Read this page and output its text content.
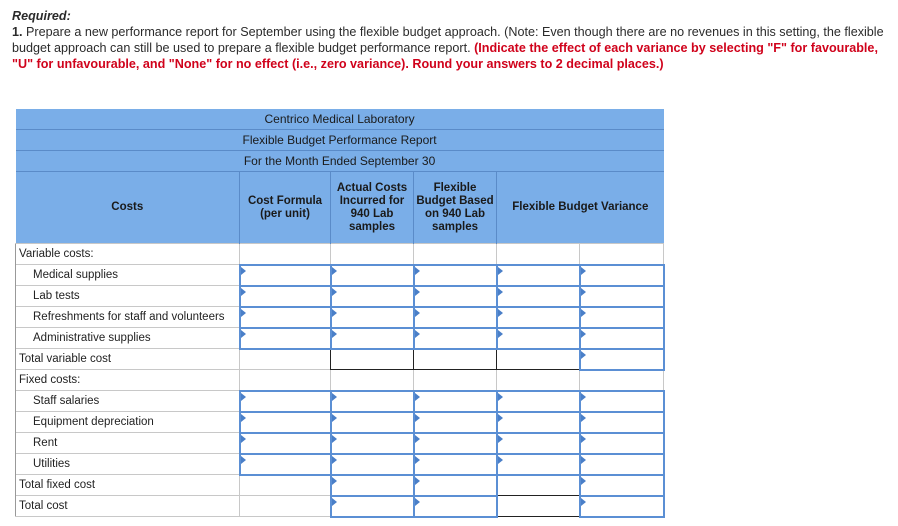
Required:
1. Prepare a new performance report for September using the flexible budget approach. (Note: Even though there are no revenues in this setting, the flexible budget approach can still be used to prepare a flexible budget performance report. (Indicate the effect of each variance by selecting "F" for favourable, "U" for unfavourable, and "None" for no effect (i.e., zero variance). Round your answers to 2 decimal places.)
Centrico Medical Laboratory					
Flexible Budget Performance Report					
For the Month Ended September 30					
Costs	Cost Formula (per unit)	Actual Costs Incurred for 940 Lab samples	Flexible Budget Based on 940 Lab samples	Flexible Budget Variance	
Variable costs:					
Medical supplies					
Lab tests					
Refreshments for staff and volunteers					
Administrative supplies					
Total variable cost					
Fixed costs:					
Staff salaries					
Equipment depreciation					
Rent					
Utilities					
Total fixed cost					
Total cost					
